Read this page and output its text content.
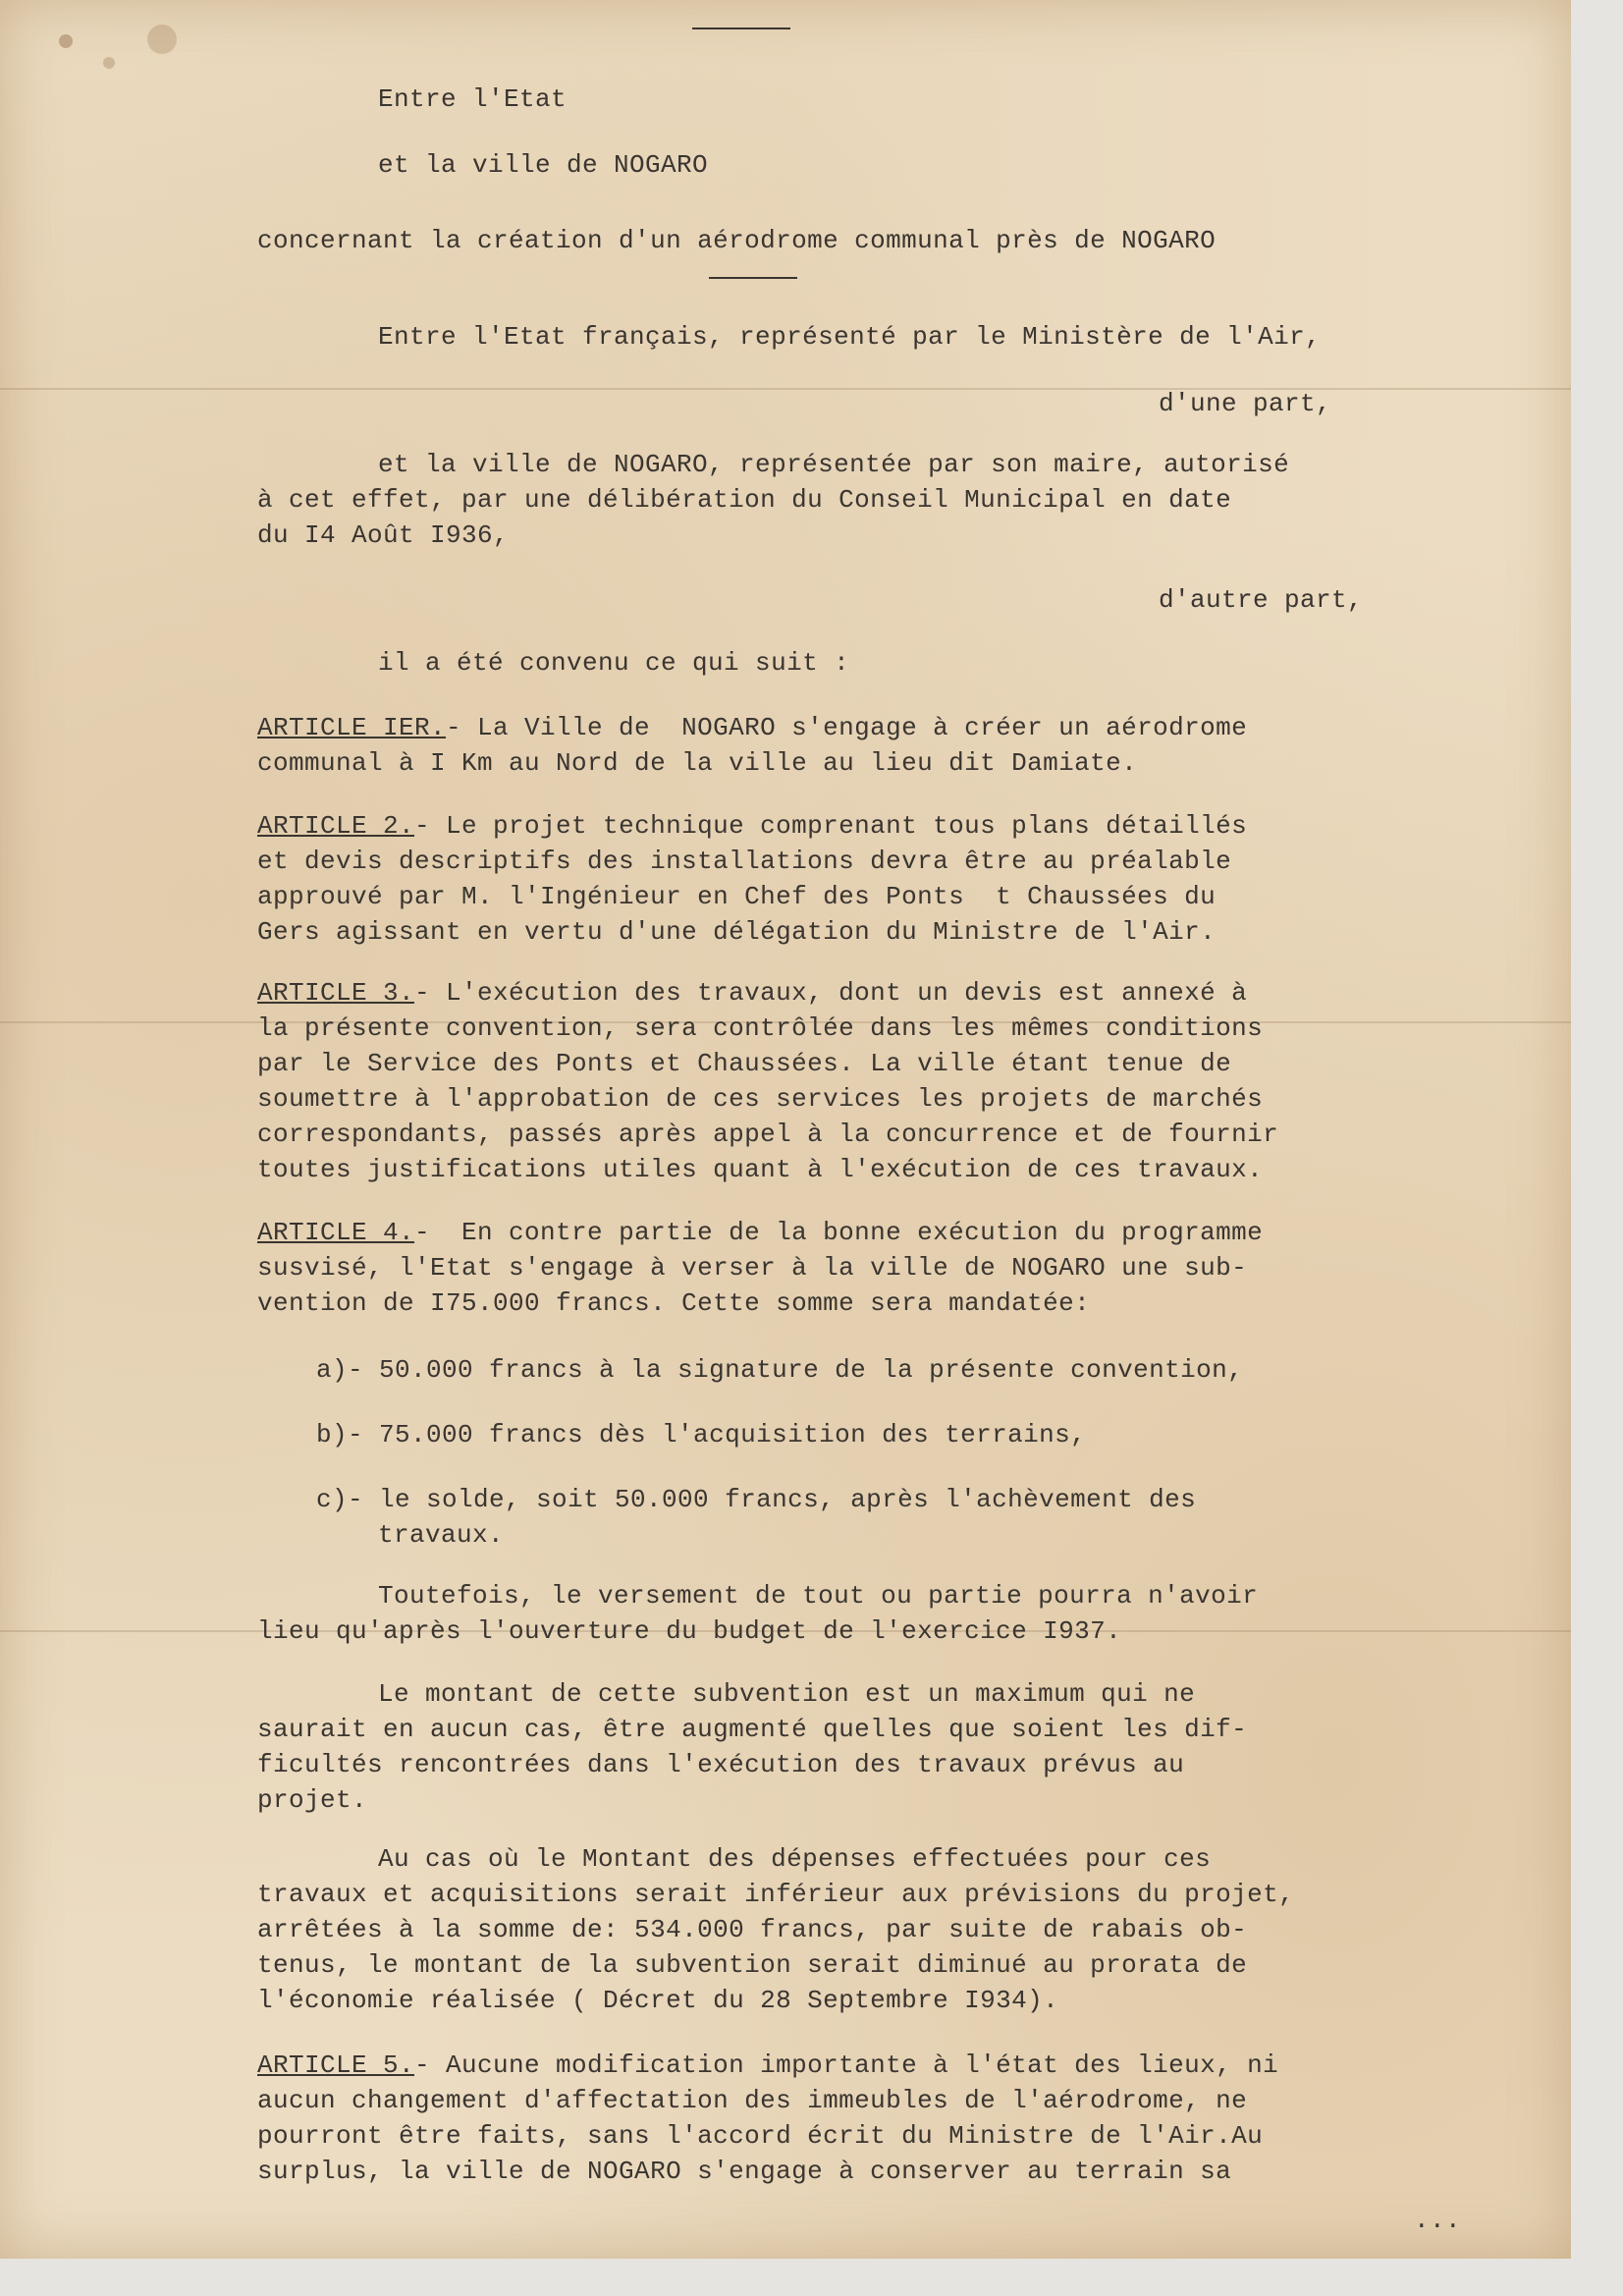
Entre l'Etat
et la ville de NOGARO
concernant la création d'un aérodrome communal près de NOGARO
Entre l'Etat français, représenté par le Ministère de l'Air,
d'une part,
et la ville de NOGARO, représentée par son maire, autorisé
à cet effet, par une délibération du Conseil Municipal en date
du I4 Août I936,
d'autre part,
il a été convenu ce qui suit :
ARTICLE IER.- La Ville de  NOGARO s'engage à créer un aérodrome
communal à I Km au Nord de la ville au lieu dit Damiate.
ARTICLE 2.- Le projet technique comprenant tous plans détaillés
et devis descriptifs des installations devra être au préalable
approuvé par M. l'Ingénieur en Chef des Ponts  t Chaussées du
Gers agissant en vertu d'une délégation du Ministre de l'Air.
ARTICLE 3.- L'exécution des travaux, dont un devis est annexé à
la présente convention, sera contrôlée dans les mêmes conditions
par le Service des Ponts et Chaussées. La ville étant tenue de
soumettre à l'approbation de ces services les projets de marchés
correspondants, passés après appel à la concurrence et de fournir
toutes justifications utiles quant à l'exécution de ces travaux.
ARTICLE 4.-  En contre partie de la bonne exécution du programme
susvisé, l'Etat s'engage à verser à la ville de NOGARO une sub-
vention de I75.000 francs. Cette somme sera mandatée:
a)- 50.000 francs à la signature de la présente convention,
b)- 75.000 francs dès l'acquisition des terrains,
c)- le solde, soit 50.000 francs, après l'achèvement des
travaux.
Toutefois, le versement de tout ou partie pourra n'avoir
lieu qu'après l'ouverture du budget de l'exercice I937.
Le montant de cette subvention est un maximum qui ne
saurait en aucun cas, être augmenté quelles que soient les dif-
ficultés rencontrées dans l'exécution des travaux prévus au
projet.
Au cas où le Montant des dépenses effectuées pour ces
travaux et acquisitions serait inférieur aux prévisions du projet,
arrêtées à la somme de: 534.000 francs, par suite de rabais ob-
tenus, le montant de la subvention serait diminué au prorata de
l'économie réalisée ( Décret du 28 Septembre I934).
ARTICLE 5.- Aucune modification importante à l'état des lieux, ni
aucun changement d'affectation des immeubles de l'aérodrome, ne
pourront être faits, sans l'accord écrit du Ministre de l'Air.Au
surplus, la ville de NOGARO s'engage à conserver au terrain sa
...
